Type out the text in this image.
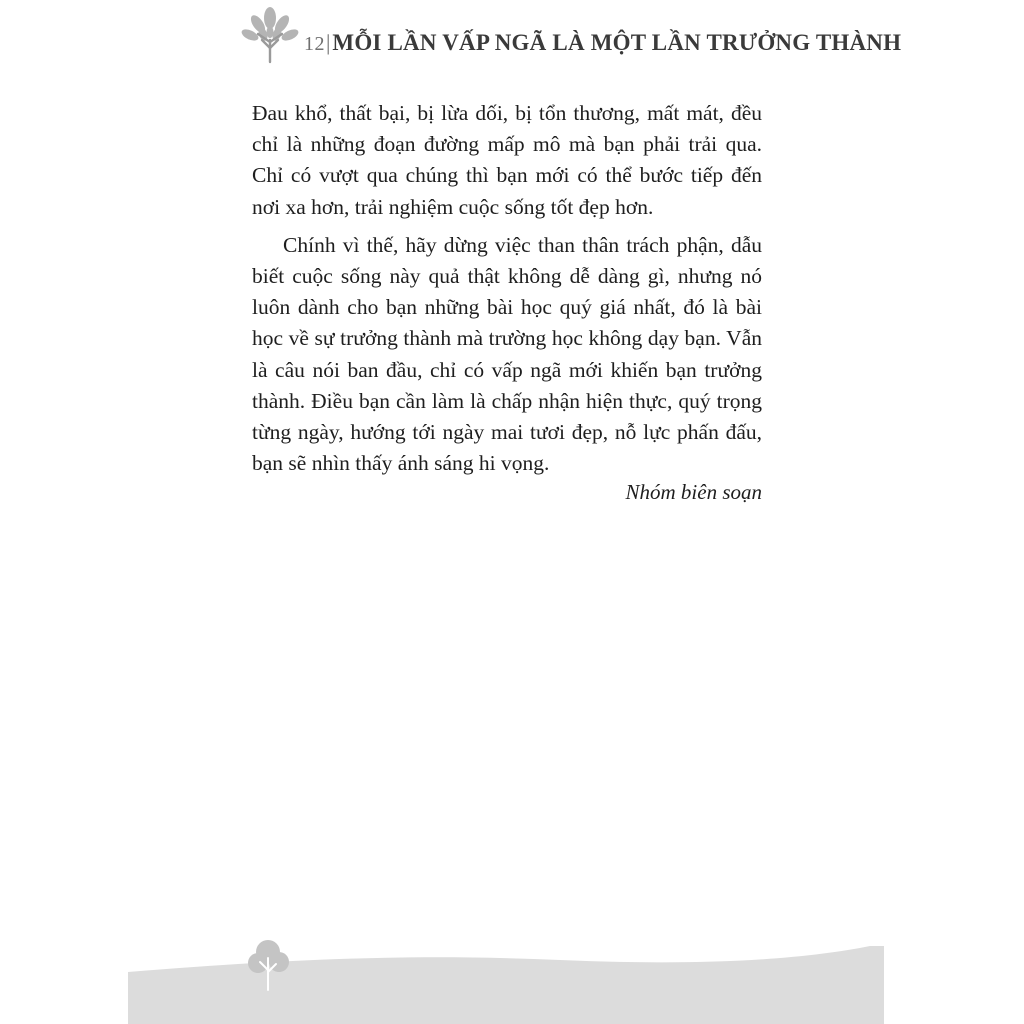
12|MỖI LẦN VẤP NGÃ LÀ MỘT LẦN TRƯỞNG THÀNH

Đau khổ, thất bại, bị lừa dối, bị tổn thương, mất mát, đều chỉ là những đoạn đường mấp mô mà bạn phải trải qua. Chỉ có vượt qua chúng thì bạn mới có thể bước tiếp đến nơi xa hơn, trải nghiệm cuộc sống tốt đẹp hơn.

Chính vì thế, hãy dừng việc than thân trách phận, dẫu biết cuộc sống này quả thật không dễ dàng gì, nhưng nó luôn dành cho bạn những bài học quý giá nhất, đó là bài học về sự trưởng thành mà trường học không dạy bạn. Vẫn là câu nói ban đầu, chỉ có vấp ngã mới khiến bạn trưởng thành. Điều bạn cần làm là chấp nhận hiện thực, quý trọng từng ngày, hướng tới ngày mai tươi đẹp, nỗ lực phấn đấu, bạn sẽ nhìn thấy ánh sáng hi vọng.

Nhóm biên soạn
